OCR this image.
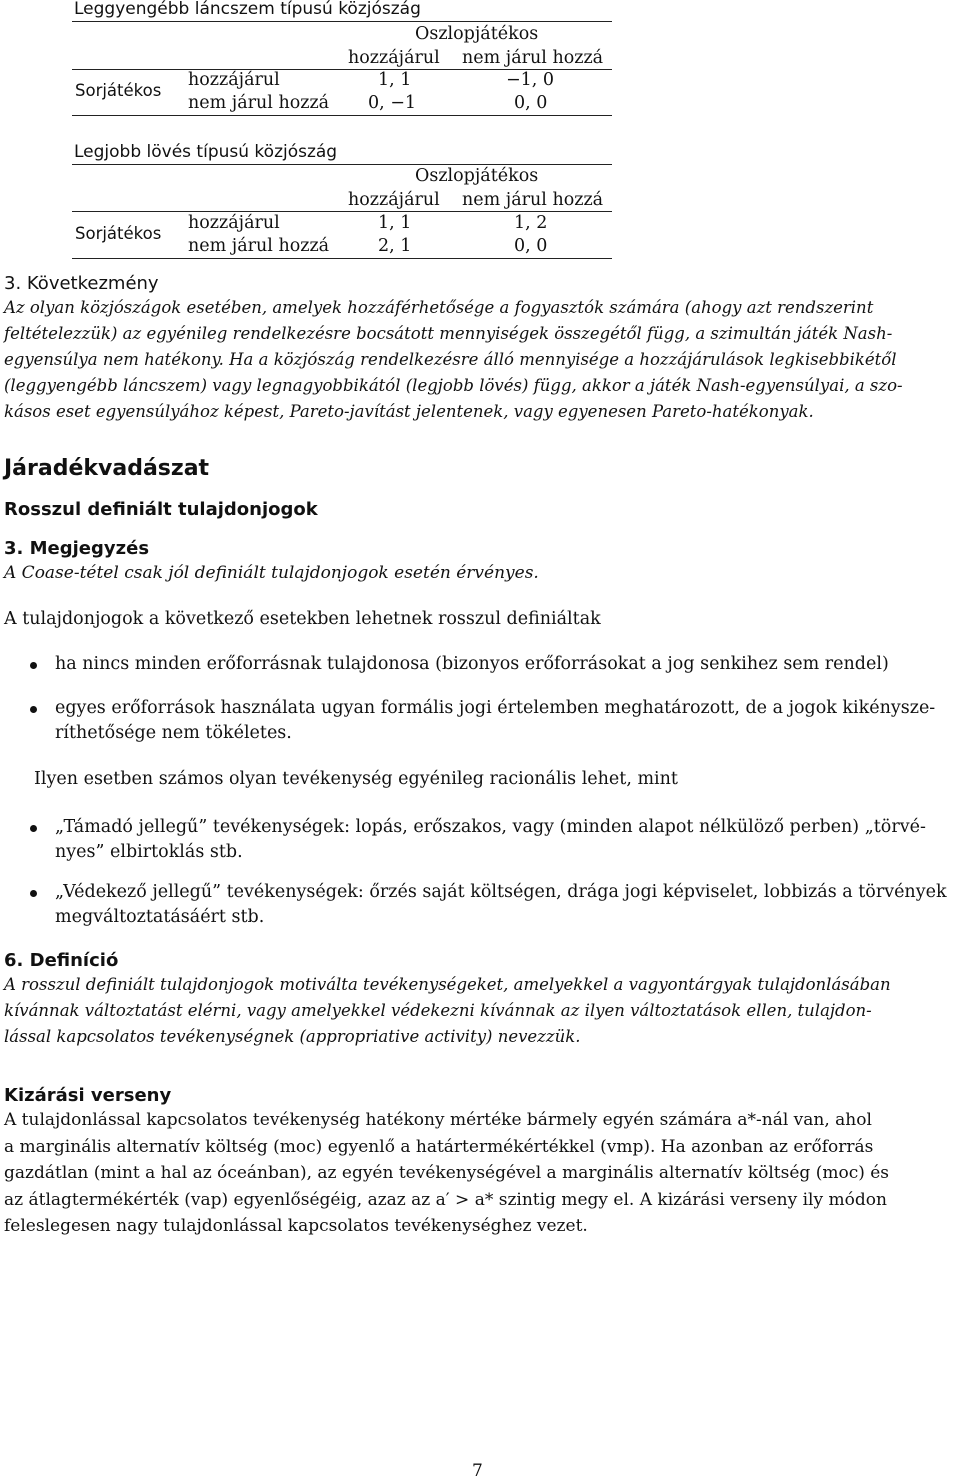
Leggyengébb láncszem típusú közjószág
Oszlopjátékos
hozzájárul nem járul hozzá
Sorjátékos
hozzájárul	1, 1	−1, 0
nem járul hozzá 0, −1	0, 0
Legjobb lövés típusú közjószág
Oszlopjátékos
hozzájárul nem járul hozzá
Sorjátékos
hozzájárul	1, 1	1, 2
nem járul hozzá	2, 1	0, 0
3. Következmény
Az olyan közjószágok esetében, amelyek hozzáférhetősége a fogyasztók számára (ahogy azt rendszerint
feltételezzük) az egyénileg rendelkezésre bocsátott mennyiségek összegétől függ, a szimultán játék Nash-
egyensúlya nem hatékony. Ha a közjószág rendelkezésre álló mennyisége a hozzájárulások legkisebbikétől
(leggyengébb láncszem) vagy legnagyobbikától (legjobb lövés) függ, akkor a játék Nash-egyensúlyai, a szo-
kásos eset egyensúlyához képest, Pareto-javítást jelentenek, vagy egyenesen Pareto-hatékonyak.
Járadékvadászat
Rosszul definiált tulajdonjogok
3. Megjegyzés
A Coase-tétel csak jól definiált tulajdonjogok esetén érvényes.
A tulajdonjogok a következő esetekben lehetnek rosszul definiáltak
ha nincs minden erőforrásnak tulajdonosa (bizonyos erőforrásokat a jog senkihez sem rendel)
egyes erőforrások használata ugyan formális jogi értelemben meghatározott, de a jogok kikénysze-
ríthetősége nem tökéletes.
Ilyen esetben számos olyan tevékenység egyénileg racionális lehet, mint
„Támadó jellegű” tevékenységek: lopás, erőszakos, vagy (minden alapot nélkülöző perben) „törvé-
nyes” elbirtoklás stb.
„Védekező jellegű” tevékenységek: őrzés saját költségen, drága jogi képviselet, lobbizás a törvények
megváltoztatásáért stb.
6. Definíció
A rosszul definiált tulajdonjogok motiválta tevékenységeket, amelyekkel a vagyontárgyak tulajdonlásában
kívánnak változtatást elérni, vagy amelyekkel védekezni kívánnak az ilyen változtatások ellen, tulajdon-
lással kapcsolatos tevékenységnek (appropriative activity) nevezzük.
Kizárási verseny
A tulajdonlással kapcsolatos tevékenység hatékony mértéke bármely egyén számára a*-nál van, ahol
a marginális alternatív költség (moc) egyenlő a határtermékértékkel (vmp). Ha azonban az erőforrás
gazdátlan (mint a hal az óceánban), az egyén tevékenységével a marginális alternatív költség (moc) és
az átlagtermékérték (vap) egyenlőségéig, azaz az a′ > a* szintig megy el. A kizárási verseny ily módon
feleslegesen nagy tulajdonlással kapcsolatos tevékenységhez vezet.
7
